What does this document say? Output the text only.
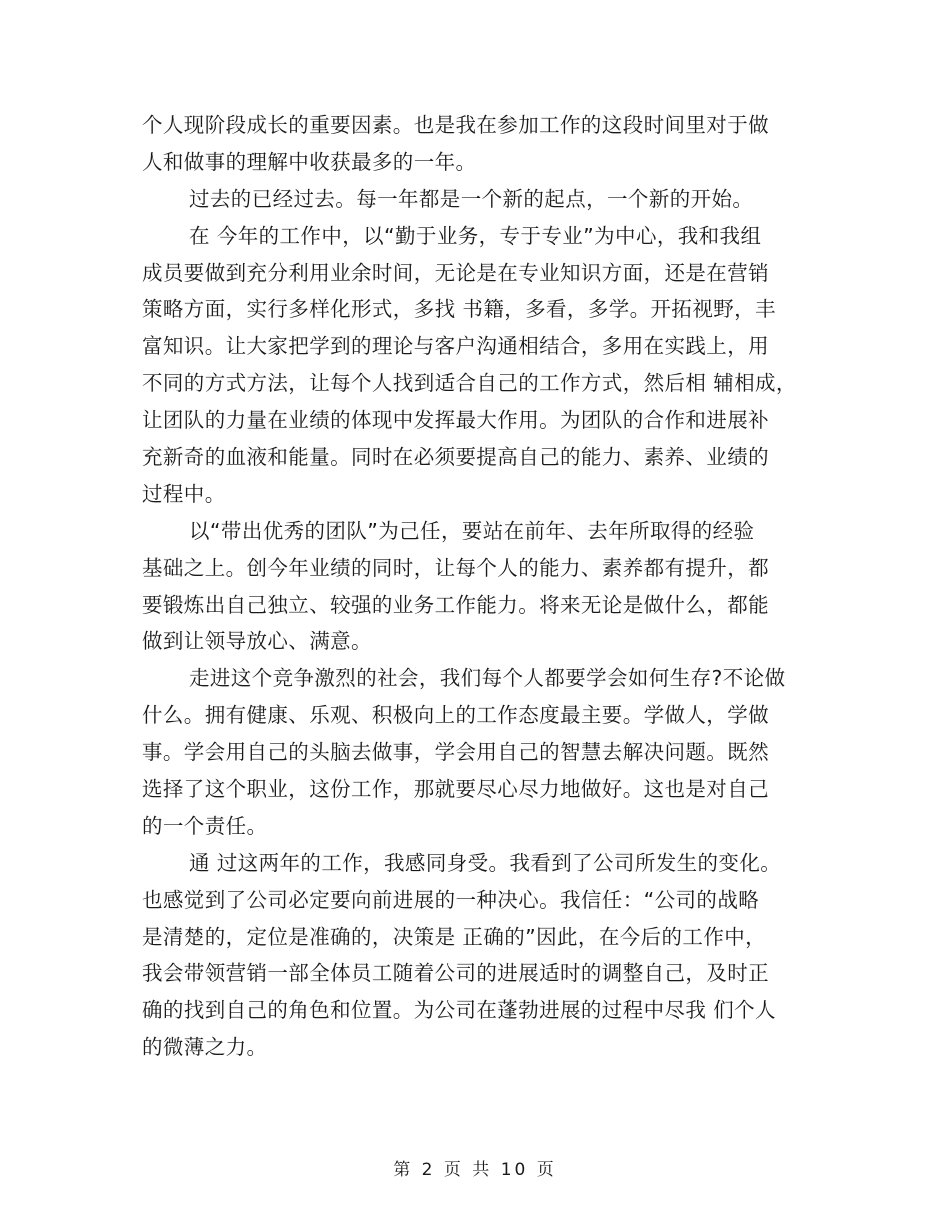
个人现阶段成长的重要因素。也是我在参加工作的这段时间里对于做
人和做事的理解中收获最多的一年。
过去的已经过去。每一年都是一个新的起点，一个新的开始。
在 今年的工作中，以“勤于业务，专于专业”为中心，我和我组
成员要做到充分利用业余时间，无论是在专业知识方面，还是在营销
策略方面，实行多样化形式，多找 书籍，多看，多学。开拓视野，丰
富知识。让大家把学到的理论与客户沟通相结合，多用在实践上，用
不同的方式方法，让每个人找到适合自己的工作方式，然后相 辅相成，
让团队的力量在业绩的体现中发挥最大作用。为团队的合作和进展补
充新奇的血液和能量。同时在必须要提高自己的能力、素养、业绩的
过程中。
以“带出优秀的团队”为己任，要站在前年、去年所取得的经验
基础之上。创今年业绩的同时，让每个人的能力、素养都有提升，都
要锻炼出自己独立、较强的业务工作能力。将来无论是做什么，都能
做到让领导放心、满意。
走进这个竞争激烈的社会，我们每个人都要学会如何生存?不论做
什么。拥有健康、乐观、积极向上的工作态度最主要。学做人，学做
事。学会用自己的头脑去做事，学会用自己的智慧去解决问题。既然
选择了这个职业，这份工作，那就要尽心尽力地做好。这也是对自己
的一个责任。
通 过这两年的工作，我感同身受。我看到了公司所发生的变化。
也感觉到了公司必定要向前进展的一种决心。我信任：“公司的战略
是清楚的，定位是准确的，决策是 正确的”因此，在今后的工作中，
我会带领营销一部全体员工随着公司的进展适时的调整自己，及时正
确的找到自己的角色和位置。为公司在蓬勃进展的过程中尽我 们个人
的微薄之力。
第 2 页 共 10 页
